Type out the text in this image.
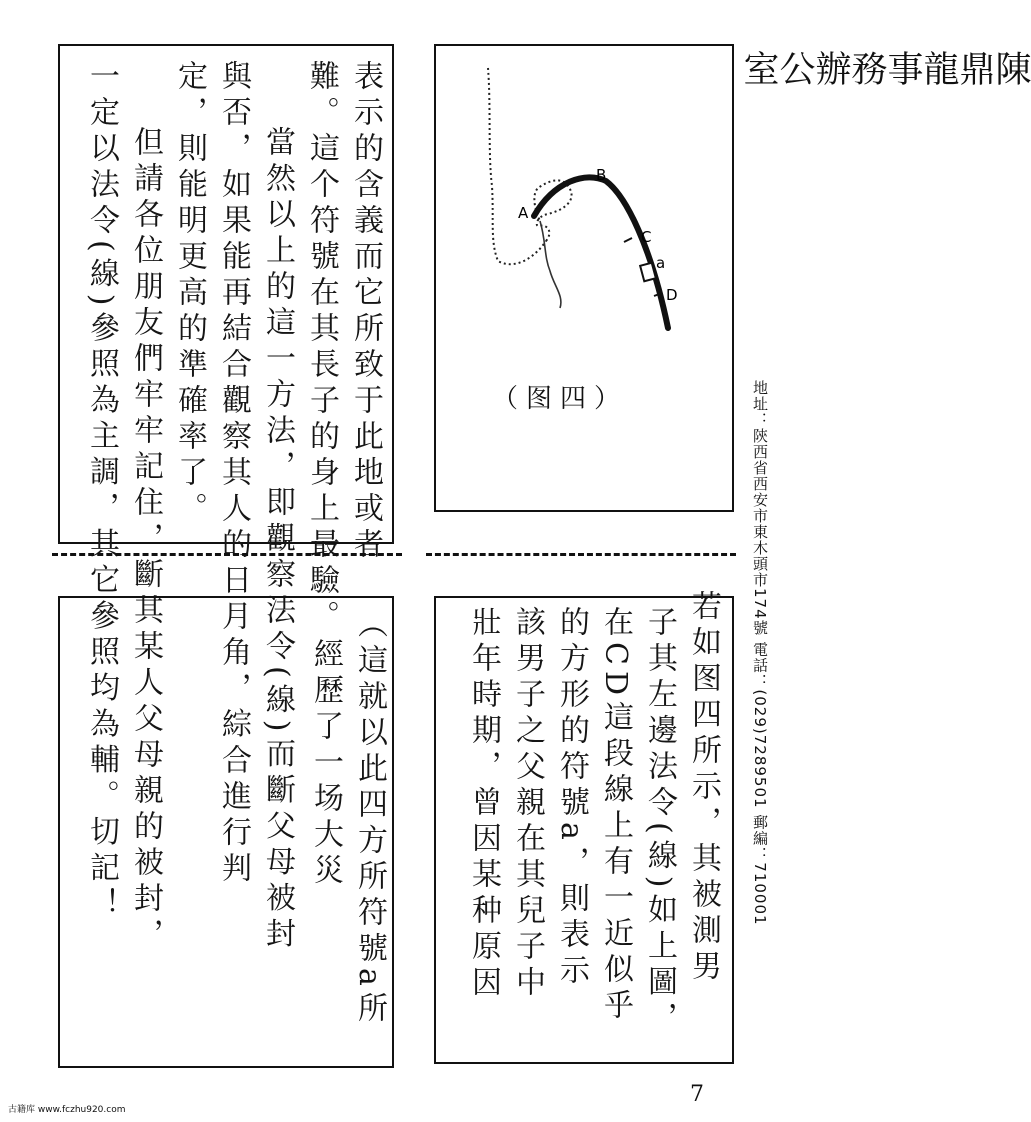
陳鼎龍事務辦公室
地址：陝西省西安市東木頭市174號 電話：(029)7289501 郵編：710001
表示的含義而它所致于此地或者
難。這个符號在其長子的身上最驗。
當然以上的這一方法，即觀察法令(線)而斷父母被封
與否，如果能再結合觀察其人的日月角，綜合進行判
定，則能明更高的準確率了。
但請各位朋友們牢牢記住，斷其某人父母親的被封，
一定以法令(線)參照為主調，其它參照均為輔。切記！	A
B
C
a
D
（图四）
（這就以此四方所符號a所
經歷了一场大災	若如图四所示，其被測男
子其左邊法令(線)如上圖，
在CD這段線上有一近似乎
的方形的符號a，則表示
該男子之父親在其兒子中
壯年時期，曾因某种原因
古籍库 www.fczhu920.com
7
